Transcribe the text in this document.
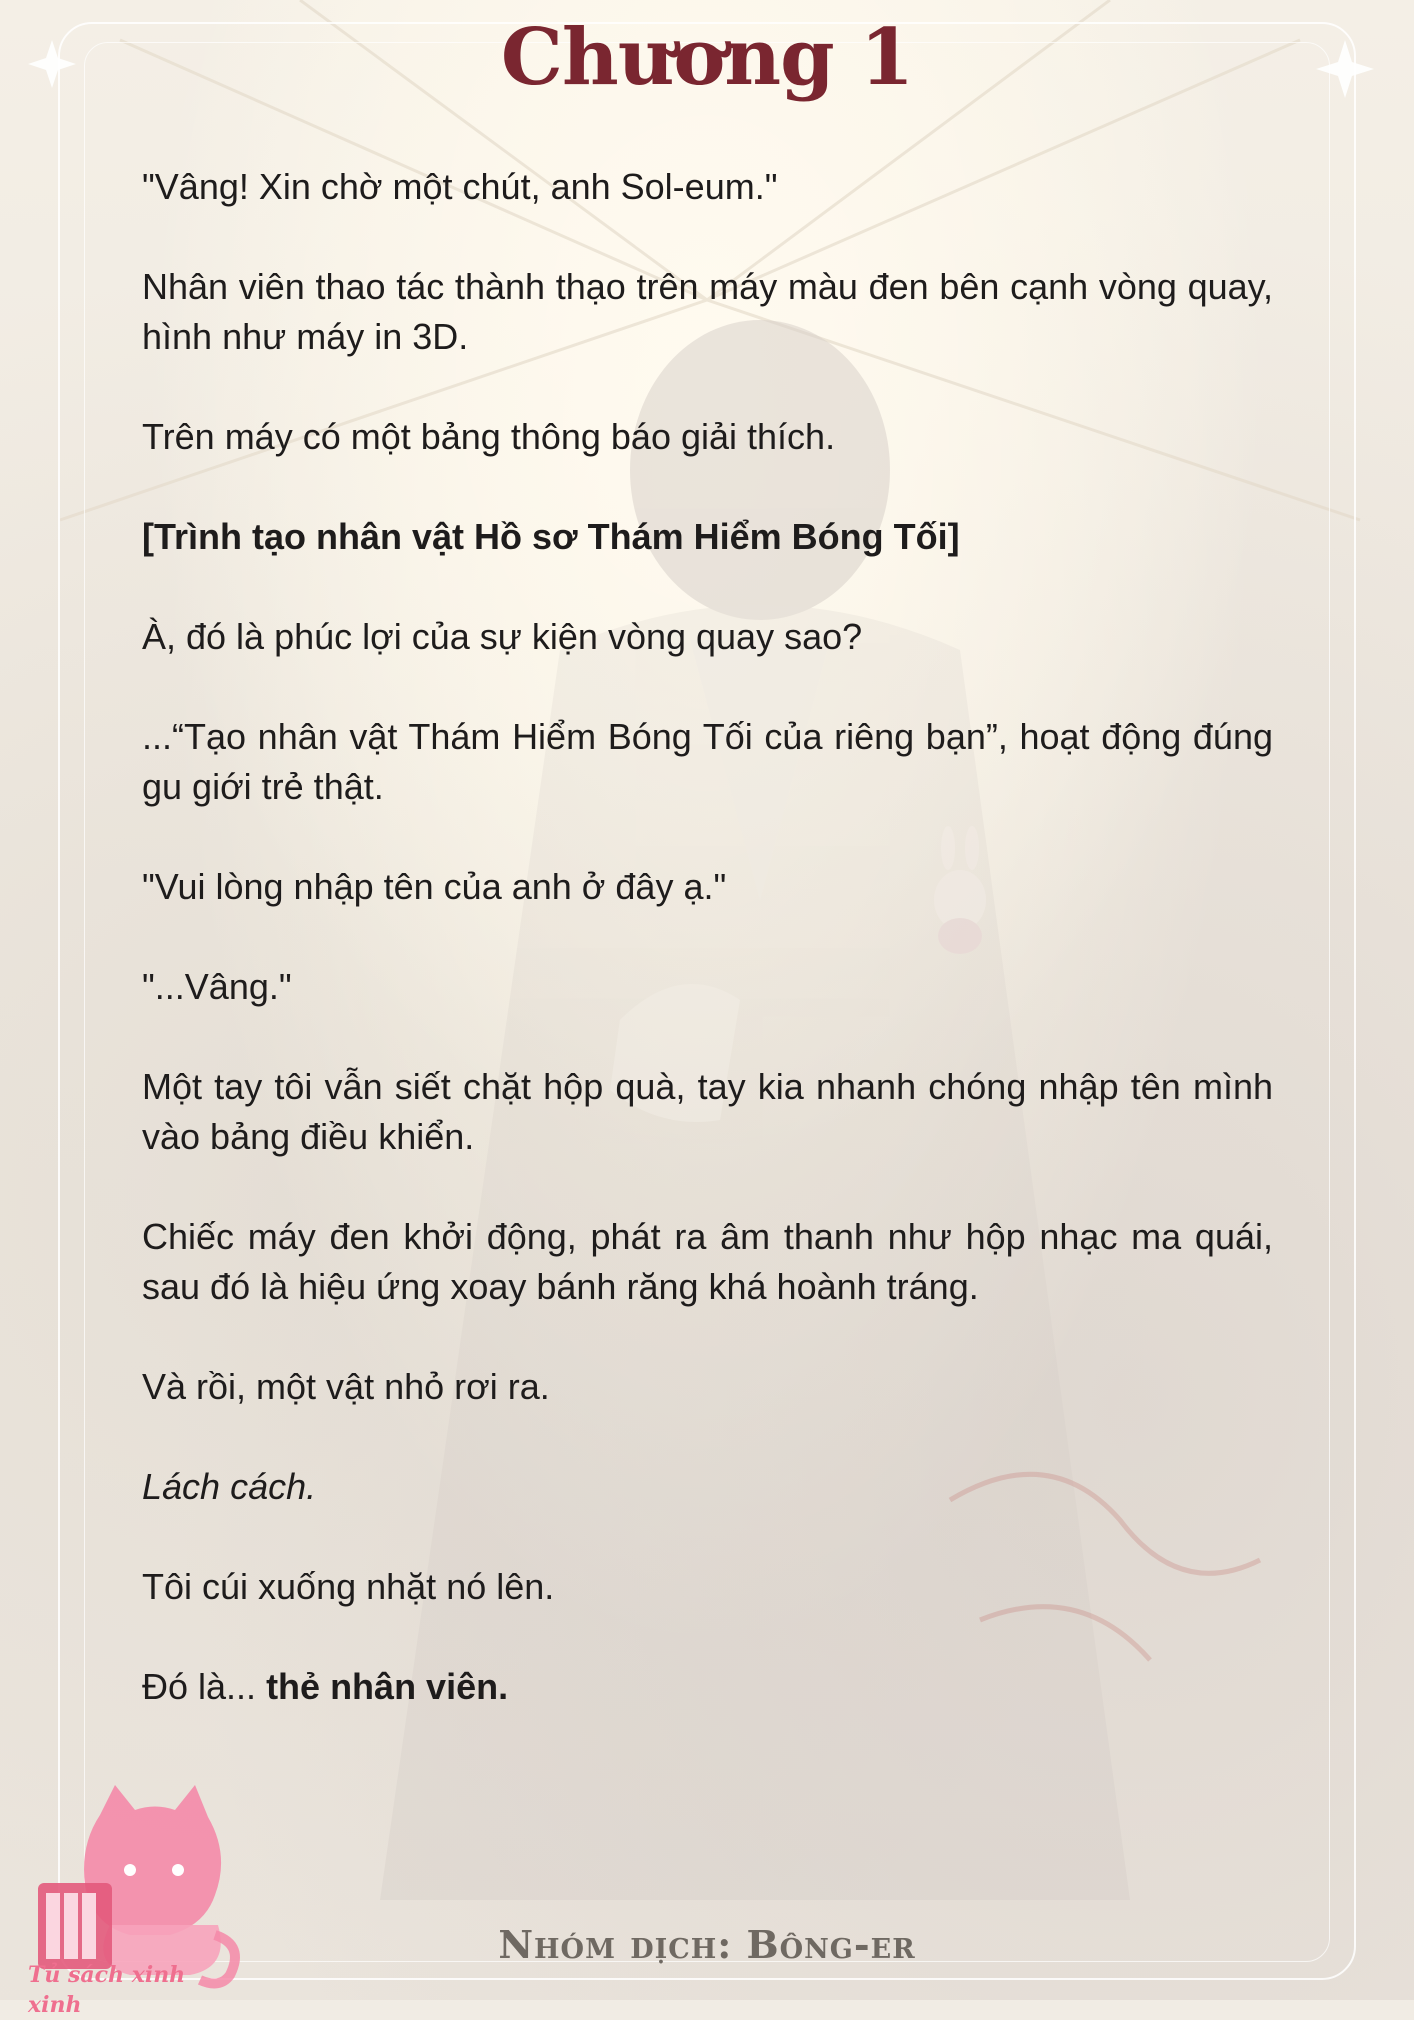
Chương 1

"Vâng! Xin chờ một chút, anh Sol-eum."

Nhân viên thao tác thành thạo trên máy màu đen bên cạnh vòng quay, hình như máy in 3D.

Trên máy có một bảng thông báo giải thích.

[Trình tạo nhân vật Hồ sơ Thám Hiểm Bóng Tối]

À, đó là phúc lợi của sự kiện vòng quay sao?

...“Tạo nhân vật Thám Hiểm Bóng Tối của riêng bạn”, hoạt động đúng gu giới trẻ thật.

"Vui lòng nhập tên của anh ở đây ạ."

"...Vâng."

Một tay tôi vẫn siết chặt hộp quà, tay kia nhanh chóng nhập tên mình vào bảng điều khiển.

Chiếc máy đen khởi động, phát ra âm thanh như hộp nhạc ma quái, sau đó là hiệu ứng xoay bánh răng khá hoành tráng.

Và rồi, một vật nhỏ rơi ra.

Lách cách.

Tôi cúi xuống nhặt nó lên.

Đó là... thẻ nhân viên.

Nhóm dịch: Bông-er
Tủ sách xinh xinh
